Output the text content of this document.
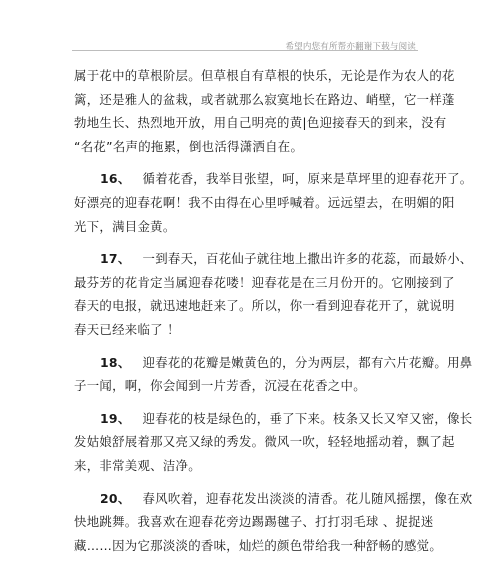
希望内您有所帮亦翻谢下载与阅读
属于花中的草根阶层。但草根自有草根的快乐，无论是作为农人的花
篱，还是雅人的盆栽，或者就那么寂寞地长在路边、峭壁，它一样蓬
勃地生长、热烈地开放，用自己明亮的黄|色迎接春天的到来，没有
“名花”名声的拖累，倒也活得潇洒自在。
16、 循着花香，我举目张望，呵，原来是草坪里的迎春花开了。
好漂亮的迎春花啊！我不由得在心里呼喊着。远远望去，在明媚的阳
光下，满目金黄。
17、 一到春天，百花仙子就往地上撒出许多的花蕊，而最娇小、
最芬芳的花肯定当属迎春花喽！迎春花是在三月份开的。它刚接到了
春天的电报，就迅速地赶来了。所以，你一看到迎春花开了，就说明
春天已经来临了 ！
18、 迎春花的花瓣是嫩黄色的，分为两层，都有六片花瓣。用鼻
子一闻，啊，你会闻到一片芳香，沉浸在花香之中。
19、 迎春花的枝是绿色的，垂了下来。枝条又长又窄又密，像长
发姑娘舒展着那又亮又绿的秀发。微风一吹，轻轻地摇动着，飘了起
来，非常美观、洁净。
20、 春风吹着，迎春花发出淡淡的清香。花儿随风摇摆，像在欢
快地跳舞。我喜欢在迎春花旁边踢踢毽子、打打羽毛球 、捉捉迷
藏……因为它那淡淡的香味，灿烂的颜色带给我一种舒畅的感觉。
